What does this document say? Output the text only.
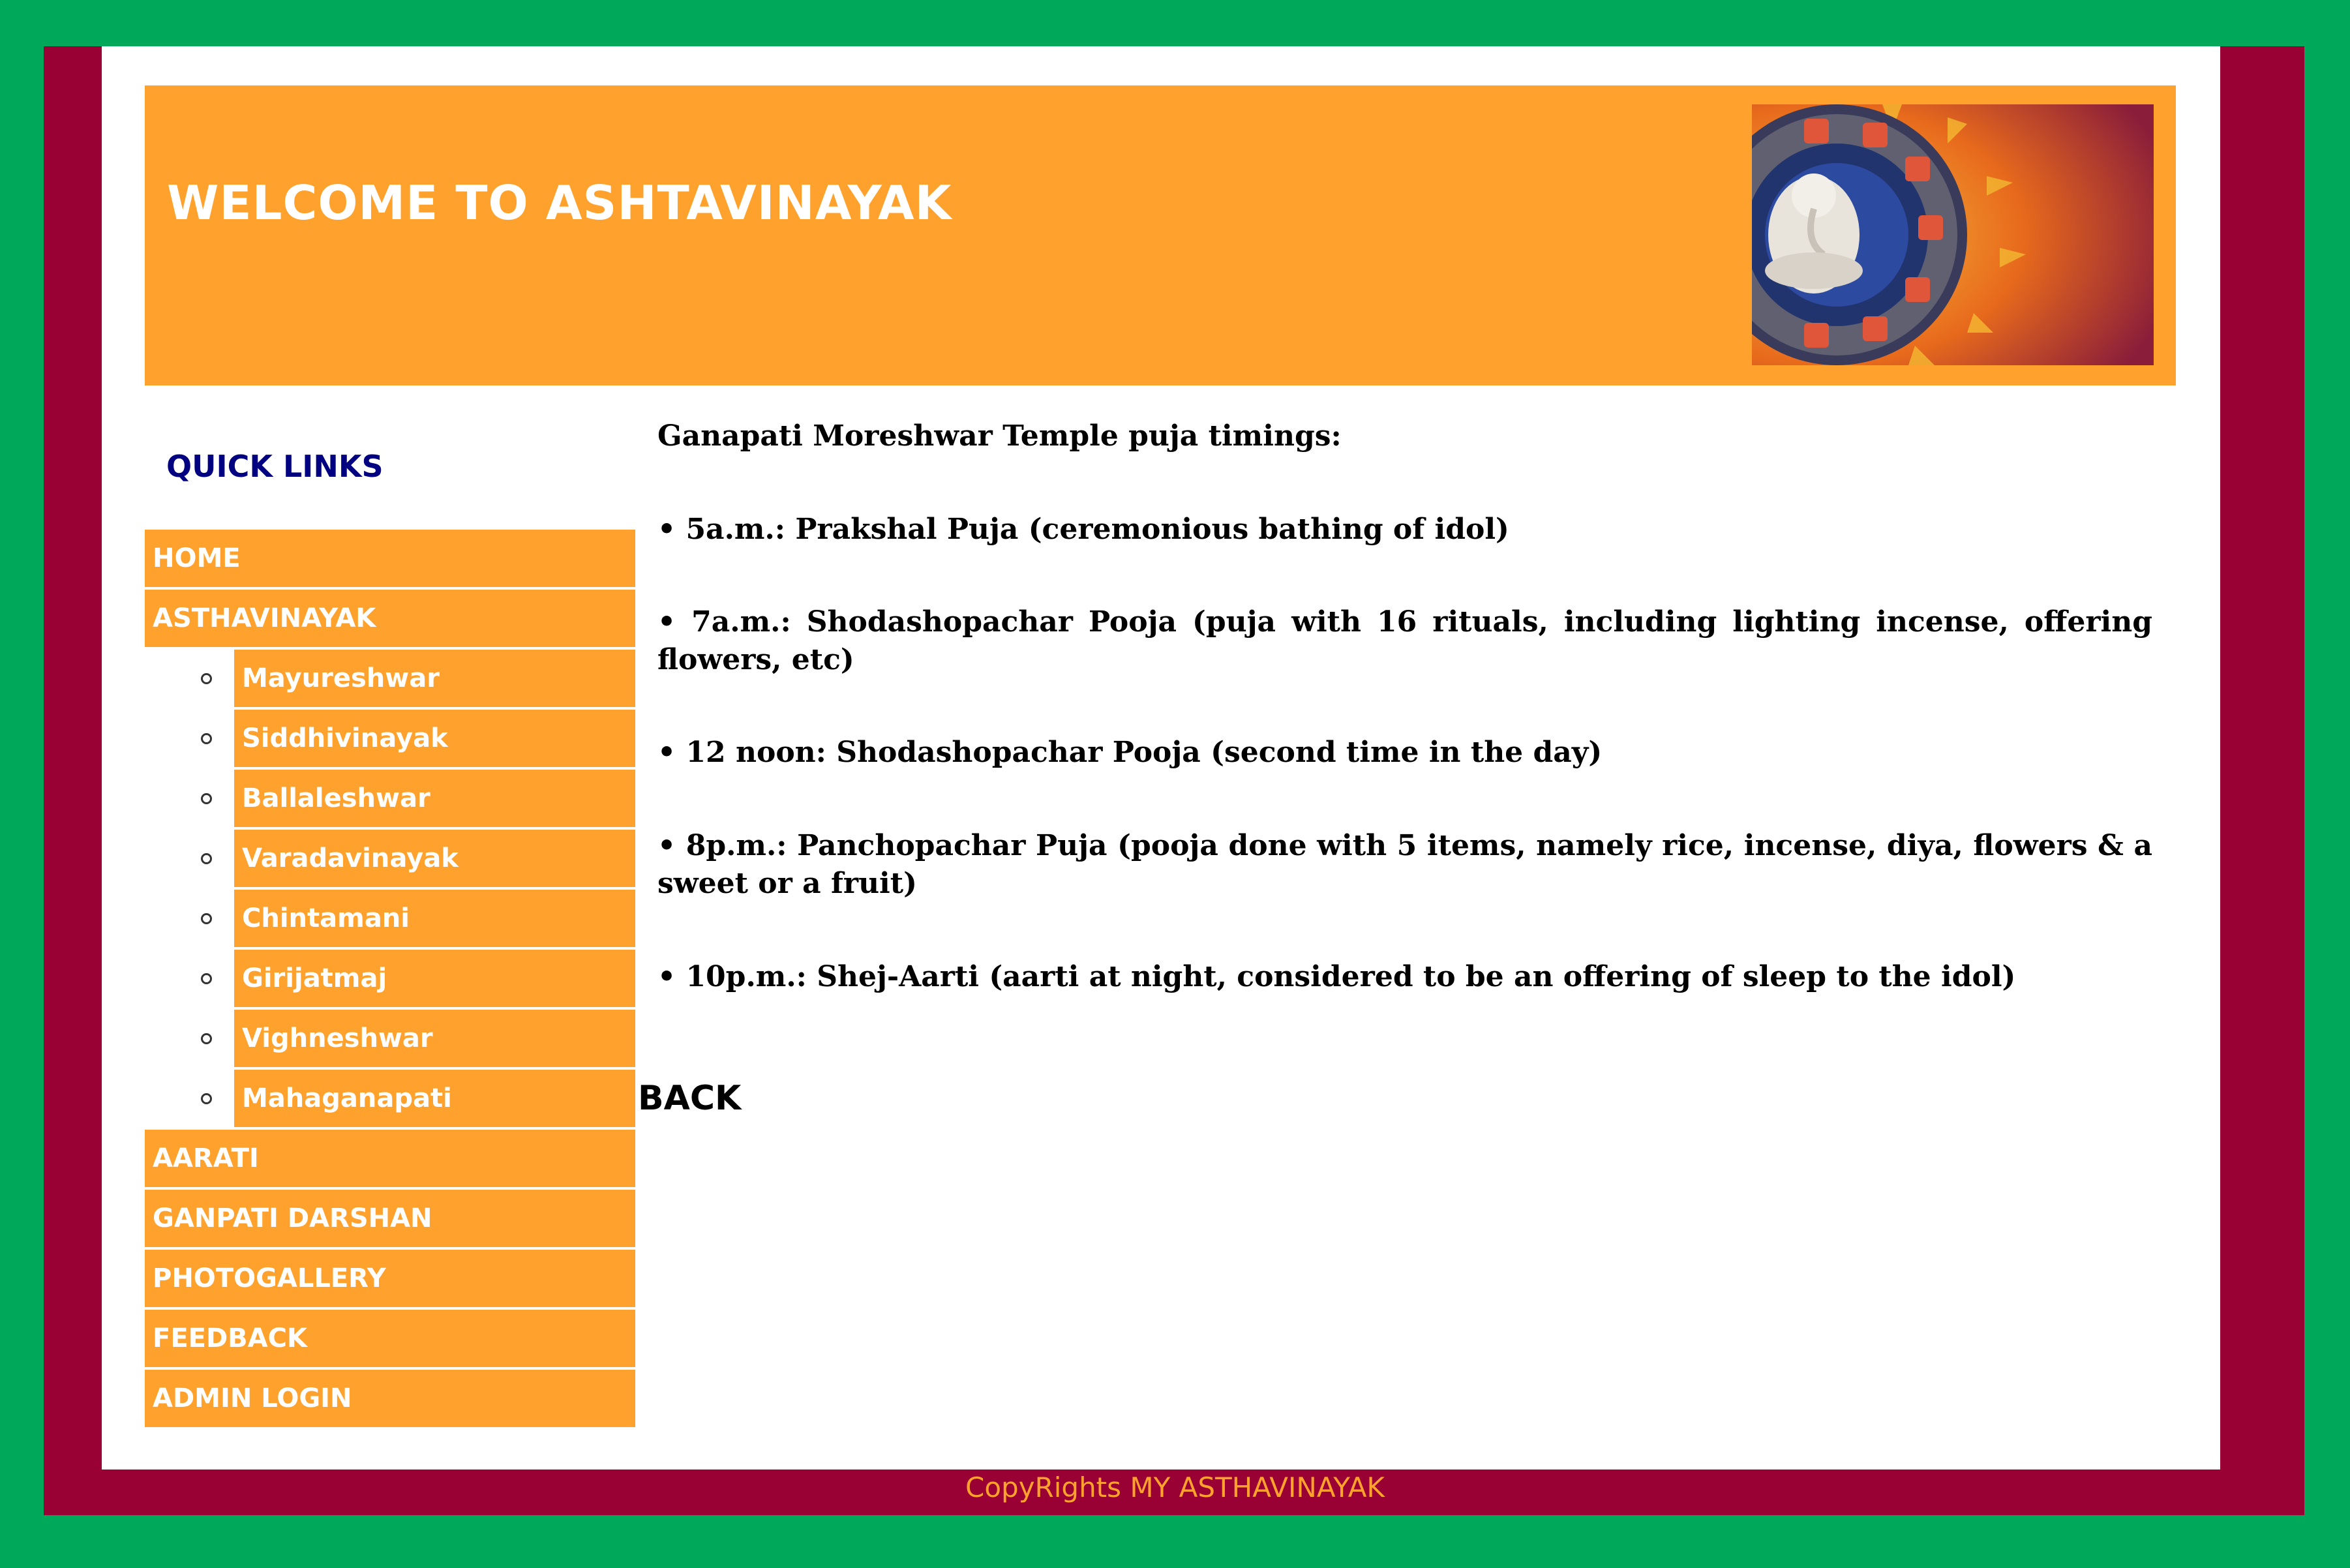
WELCOME TO ASHTAVINAYAK
QUICK LINKS
HOME
ASTHAVINAYAK
Mayureshwar
Siddhivinayak
Ballaleshwar
Varadavinayak
Chintamani
Girijatmaj
Vighneshwar
Mahaganapati
AARATI
GANPATI DARSHAN
PHOTOGALLERY
FEEDBACK
ADMIN LOGIN

Ganapati Moreshwar Temple puja timings:

• 5a.m.: Prakshal Puja (ceremonious bathing of idol)

• 7a.m.: Shodashopachar Pooja (puja with 16 rituals, including lighting incense, offering flowers, etc)

• 12 noon: Shodashopachar Pooja (second time in the day)

• 8p.m.: Panchopachar Puja (pooja done with 5 items, namely rice, incense, diya, flowers & a sweet or a fruit)

• 10p.m.: Shej-Aarti (aarti at night, considered to be an offering of sleep to the idol)

BACK
CopyRights MY ASTHAVINAYAK
